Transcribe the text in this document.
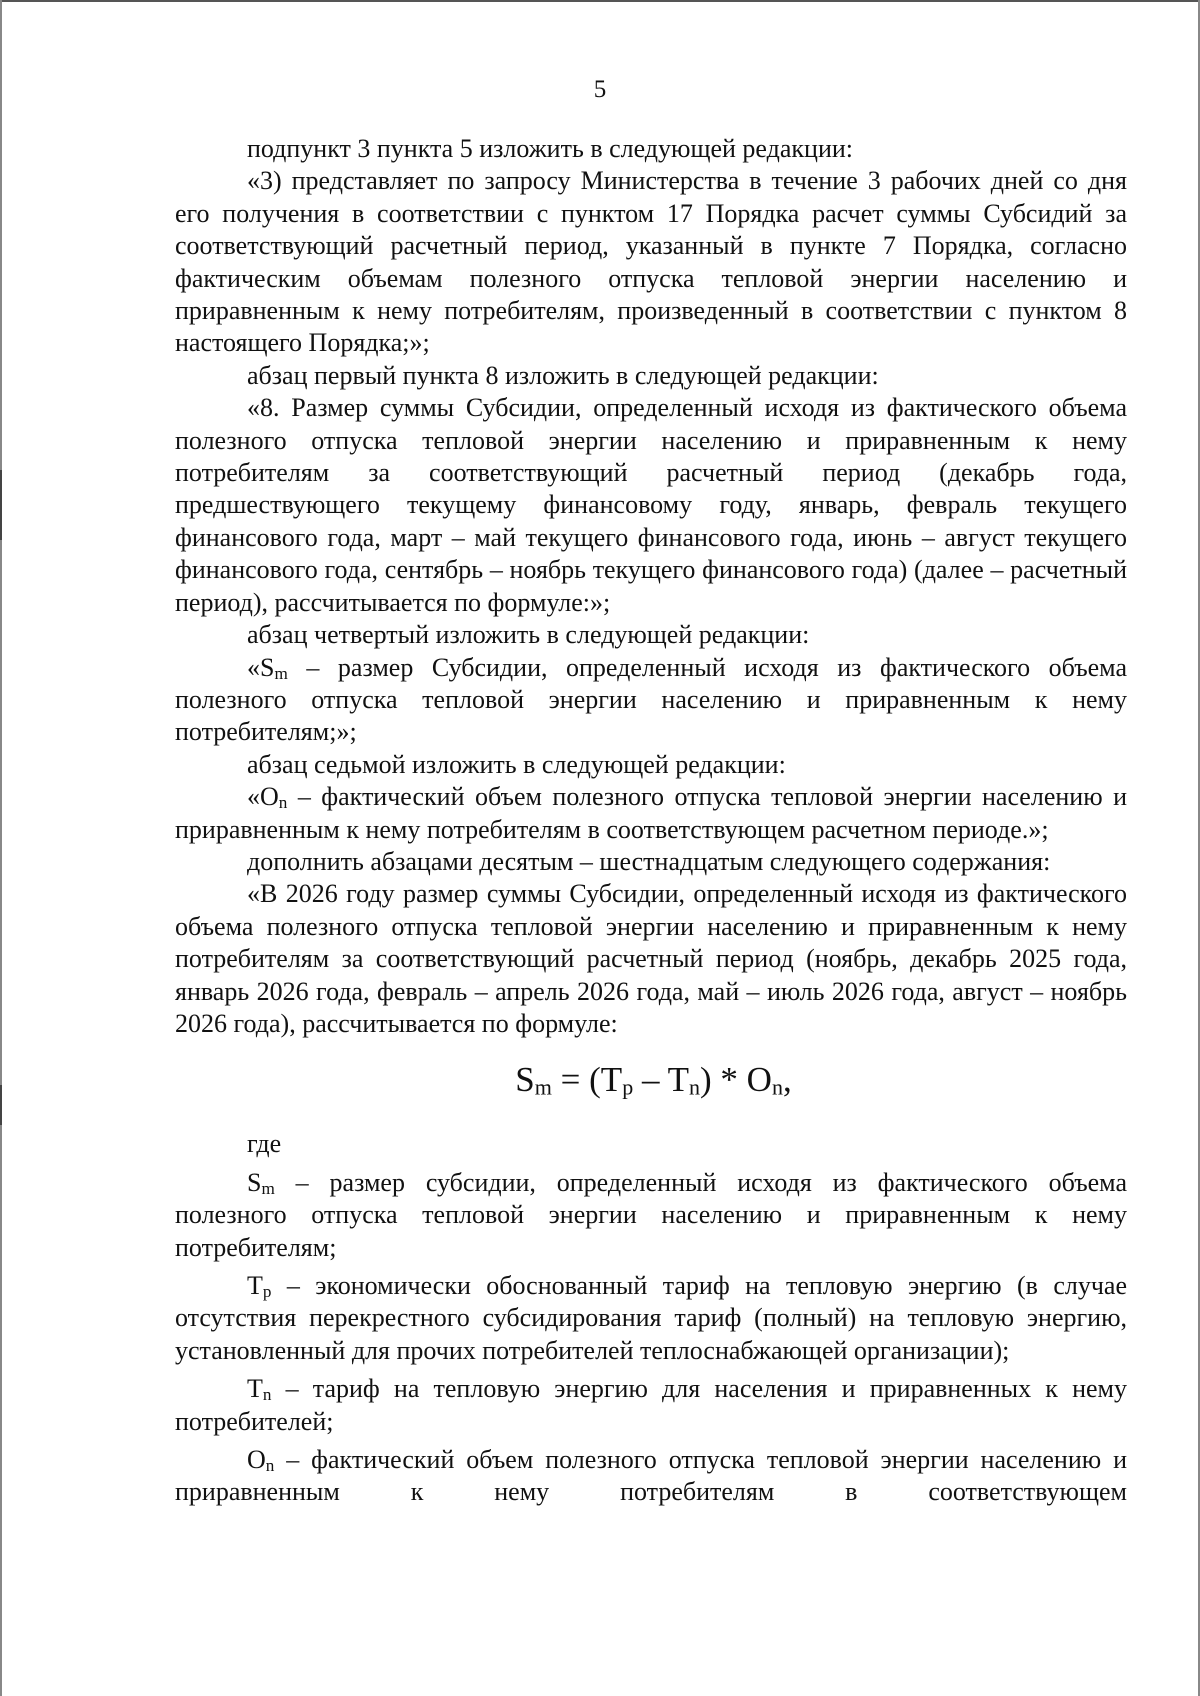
5

подпункт 3 пункта 5 изложить в следующей редакции:

«3) представляет по запросу Министерства в течение 3 рабочих дней со дня его получения в соответствии с пунктом 17 Порядка расчет суммы Субсидий за соответствующий расчетный период, указанный в пункте 7 Порядка, согласно фактическим объемам полезного отпуска тепловой энергии населению и приравненным к нему потребителям, произведенный в соответствии с пунктом 8 настоящего Порядка;»;

абзац первый пункта 8 изложить в следующей редакции:

«8. Размер суммы Субсидии, определенный исходя из фактического объема полезного отпуска тепловой энергии населению и приравненным к нему потребителям за соответствующий расчетный период (декабрь года, предшествующего текущему финансовому году, январь, февраль текущего финансового года, март – май текущего финансового года, июнь – август текущего финансового года, сентябрь – ноябрь текущего финансового года) (далее – расчетный период), рассчитывается по формуле:»;

абзац четвертый изложить в следующей редакции:

«$S_m$ – размер Субсидии, определенный исходя из фактического объема полезного отпуска тепловой энергии населению и приравненным к нему потребителям;»;

абзац седьмой изложить в следующей редакции:

«$O_n$ – фактический объем полезного отпуска тепловой энергии населению и приравненным к нему потребителям в соответствующем расчетном периоде.»;

дополнить абзацами десятым – шестнадцатым следующего содержания:

«В 2026 году размер суммы Субсидии, определенный исходя из фактического объема полезного отпуска тепловой энергии населению и приравненным к нему потребителям за соответствующий расчетный период (ноябрь, декабрь 2025 года, январь 2026 года, февраль – апрель 2026 года, май – июль 2026 года, август – ноябрь 2026 года), рассчитывается по формуле:

$S_m = (T_p - T_n) * O_n$,

где

$S_m$ – размер субсидии, определенный исходя из фактического объема полезного отпуска тепловой энергии населению и приравненным к нему потребителям;

$T_p$ – экономически обоснованный тариф на тепловую энергию (в случае отсутствия перекрестного субсидирования тариф (полный) на тепловую энергию, установленный для прочих потребителей теплоснабжающей организации);

$T_n$ – тариф на тепловую энергию для населения и приравненных к нему потребителей;

$O_n$ – фактический объем полезного отпуска тепловой энергии населению и приравненным к нему потребителям в соответствующем
